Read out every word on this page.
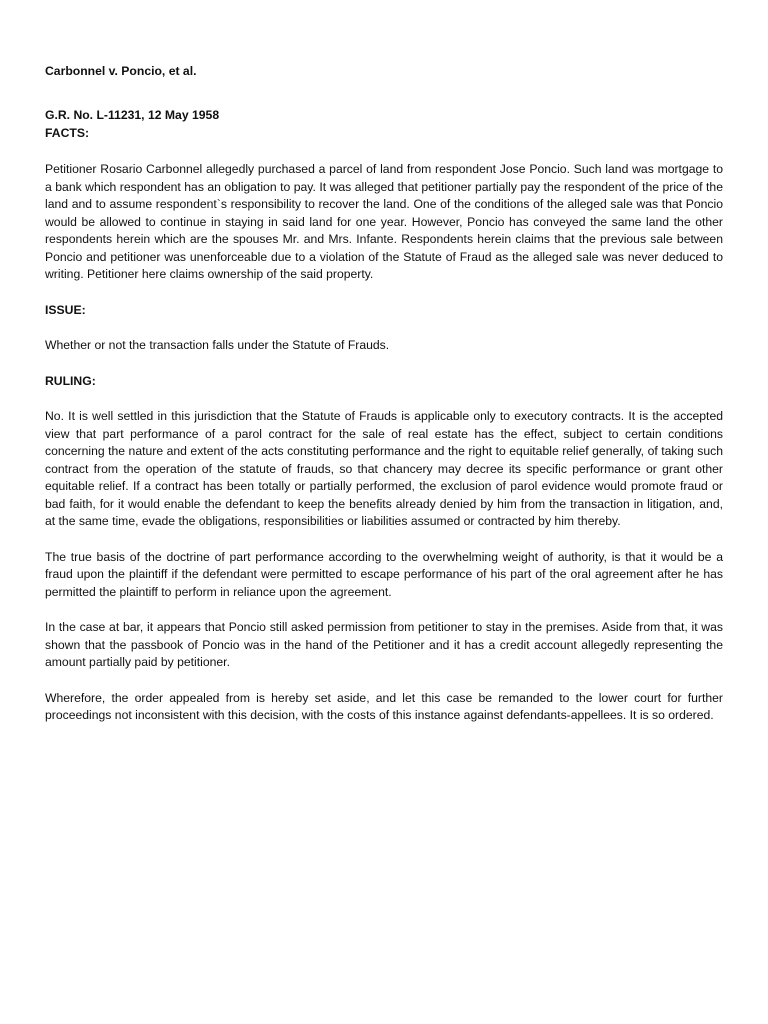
Carbonnel v. Poncio, et al.

G.R. No. L-11231, 12 May 1958

FACTS:

Petitioner Rosario Carbonnel allegedly purchased a parcel of land from respondent Jose Poncio. Such land was mortgage to a bank which respondent has an obligation to pay. It was alleged that petitioner partially pay the respondent of the price of the land and to assume respondent`s responsibility to recover the land. One of the conditions of the alleged sale was that Poncio would be allowed to continue in staying in said land for one year. However, Poncio has conveyed the same land the other respondents herein which are the spouses Mr. and Mrs. Infante. Respondents herein claims that the previous sale between Poncio and petitioner was unenforceable due to a violation of the Statute of Fraud as the alleged sale was never deduced to writing. Petitioner here claims ownership of the said property.

ISSUE:

Whether or not the transaction falls under the Statute of Frauds.

RULING:

No. It is well settled in this jurisdiction that the Statute of Frauds is applicable only to executory contracts. It is the accepted view that part performance of a parol contract for the sale of real estate has the effect, subject to certain conditions concerning the nature and extent of the acts constituting performance and the right to equitable relief generally, of taking such contract from the operation of the statute of frauds, so that chancery may decree its specific performance or grant other equitable relief. If a contract has been totally or partially performed, the exclusion of parol evidence would promote fraud or bad faith, for it would enable the defendant to keep the benefits already denied by him from the transaction in litigation, and, at the same time, evade the obligations, responsibilities or liabilities assumed or contracted by him thereby.

The true basis of the doctrine of part performance according to the overwhelming weight of authority, is that it would be a fraud upon the plaintiff if the defendant were permitted to escape performance of his part of the oral agreement after he has permitted the plaintiff to perform in reliance upon the agreement.

In the case at bar, it appears that Poncio still asked permission from petitioner to stay in the premises. Aside from that, it was shown that the passbook of Poncio was in the hand of the Petitioner and it has a credit account allegedly representing the amount partially paid by petitioner.

Wherefore, the order appealed from is hereby set aside, and let this case be remanded to the lower court for further proceedings not inconsistent with this decision, with the costs of this instance against defendants-appellees. It is so ordered.
